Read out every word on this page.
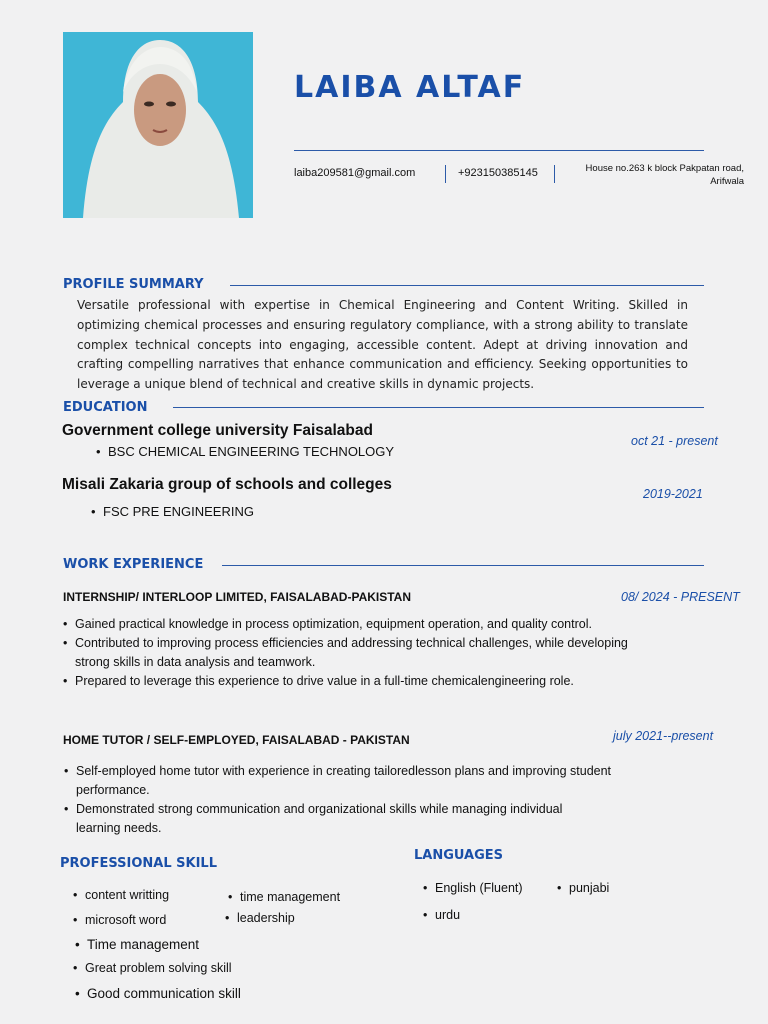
LAIBA ALTAF
laiba209581@gmail.com	+923150385145	House no.263 k block Pakpatan road,
Arifwala
PROFILE SUMMARY
Versatile professional with expertise in Chemical Engineering and Content Writing. Skilled in optimizing chemical processes and ensuring regulatory compliance, with a strong ability to translate complex technical concepts into engaging, accessible content. Adept at driving innovation and crafting compelling narratives that enhance communication and efficiency. Seeking opportunities to leverage a unique blend of technical and creative skills in dynamic projects.
EDUCATION
Government college university Faisalabad
oct 21 - present
• BSC CHEMICAL ENGINEERING TECHNOLOGY
Misali Zakaria group of schools and colleges
2019-2021
• FSC PRE ENGINEERING
WORK EXPERIENCE
INTERNSHIP/ INTERLOOP LIMITED, FAISALABAD-PAKISTAN	08/ 2024 - PRESENT
• Gained practical knowledge in process optimization, equipment operation, and quality control.
• Contributed to improving process efficiencies and addressing technical challenges, while developing
strong skills in data analysis and teamwork.
• Prepared to leverage this experience to drive value in a full-time chemicalengineering role.
HOME TUTOR / SELF-EMPLOYED, FAISALABAD - PAKISTAN	july 2021--present
• Self-employed home tutor with experience in creating tailoredlesson plans and improving student
performance.
• Demonstrated strong communication and organizational skills while managing individual
learning needs.
PROFESSIONAL SKILL
• content writting	• time management
• microsoft word	• leadership
• Time management
• Great problem solving skill
• Good communication skill
LANGUAGES
• English (Fluent)	• punjabi
• urdu
